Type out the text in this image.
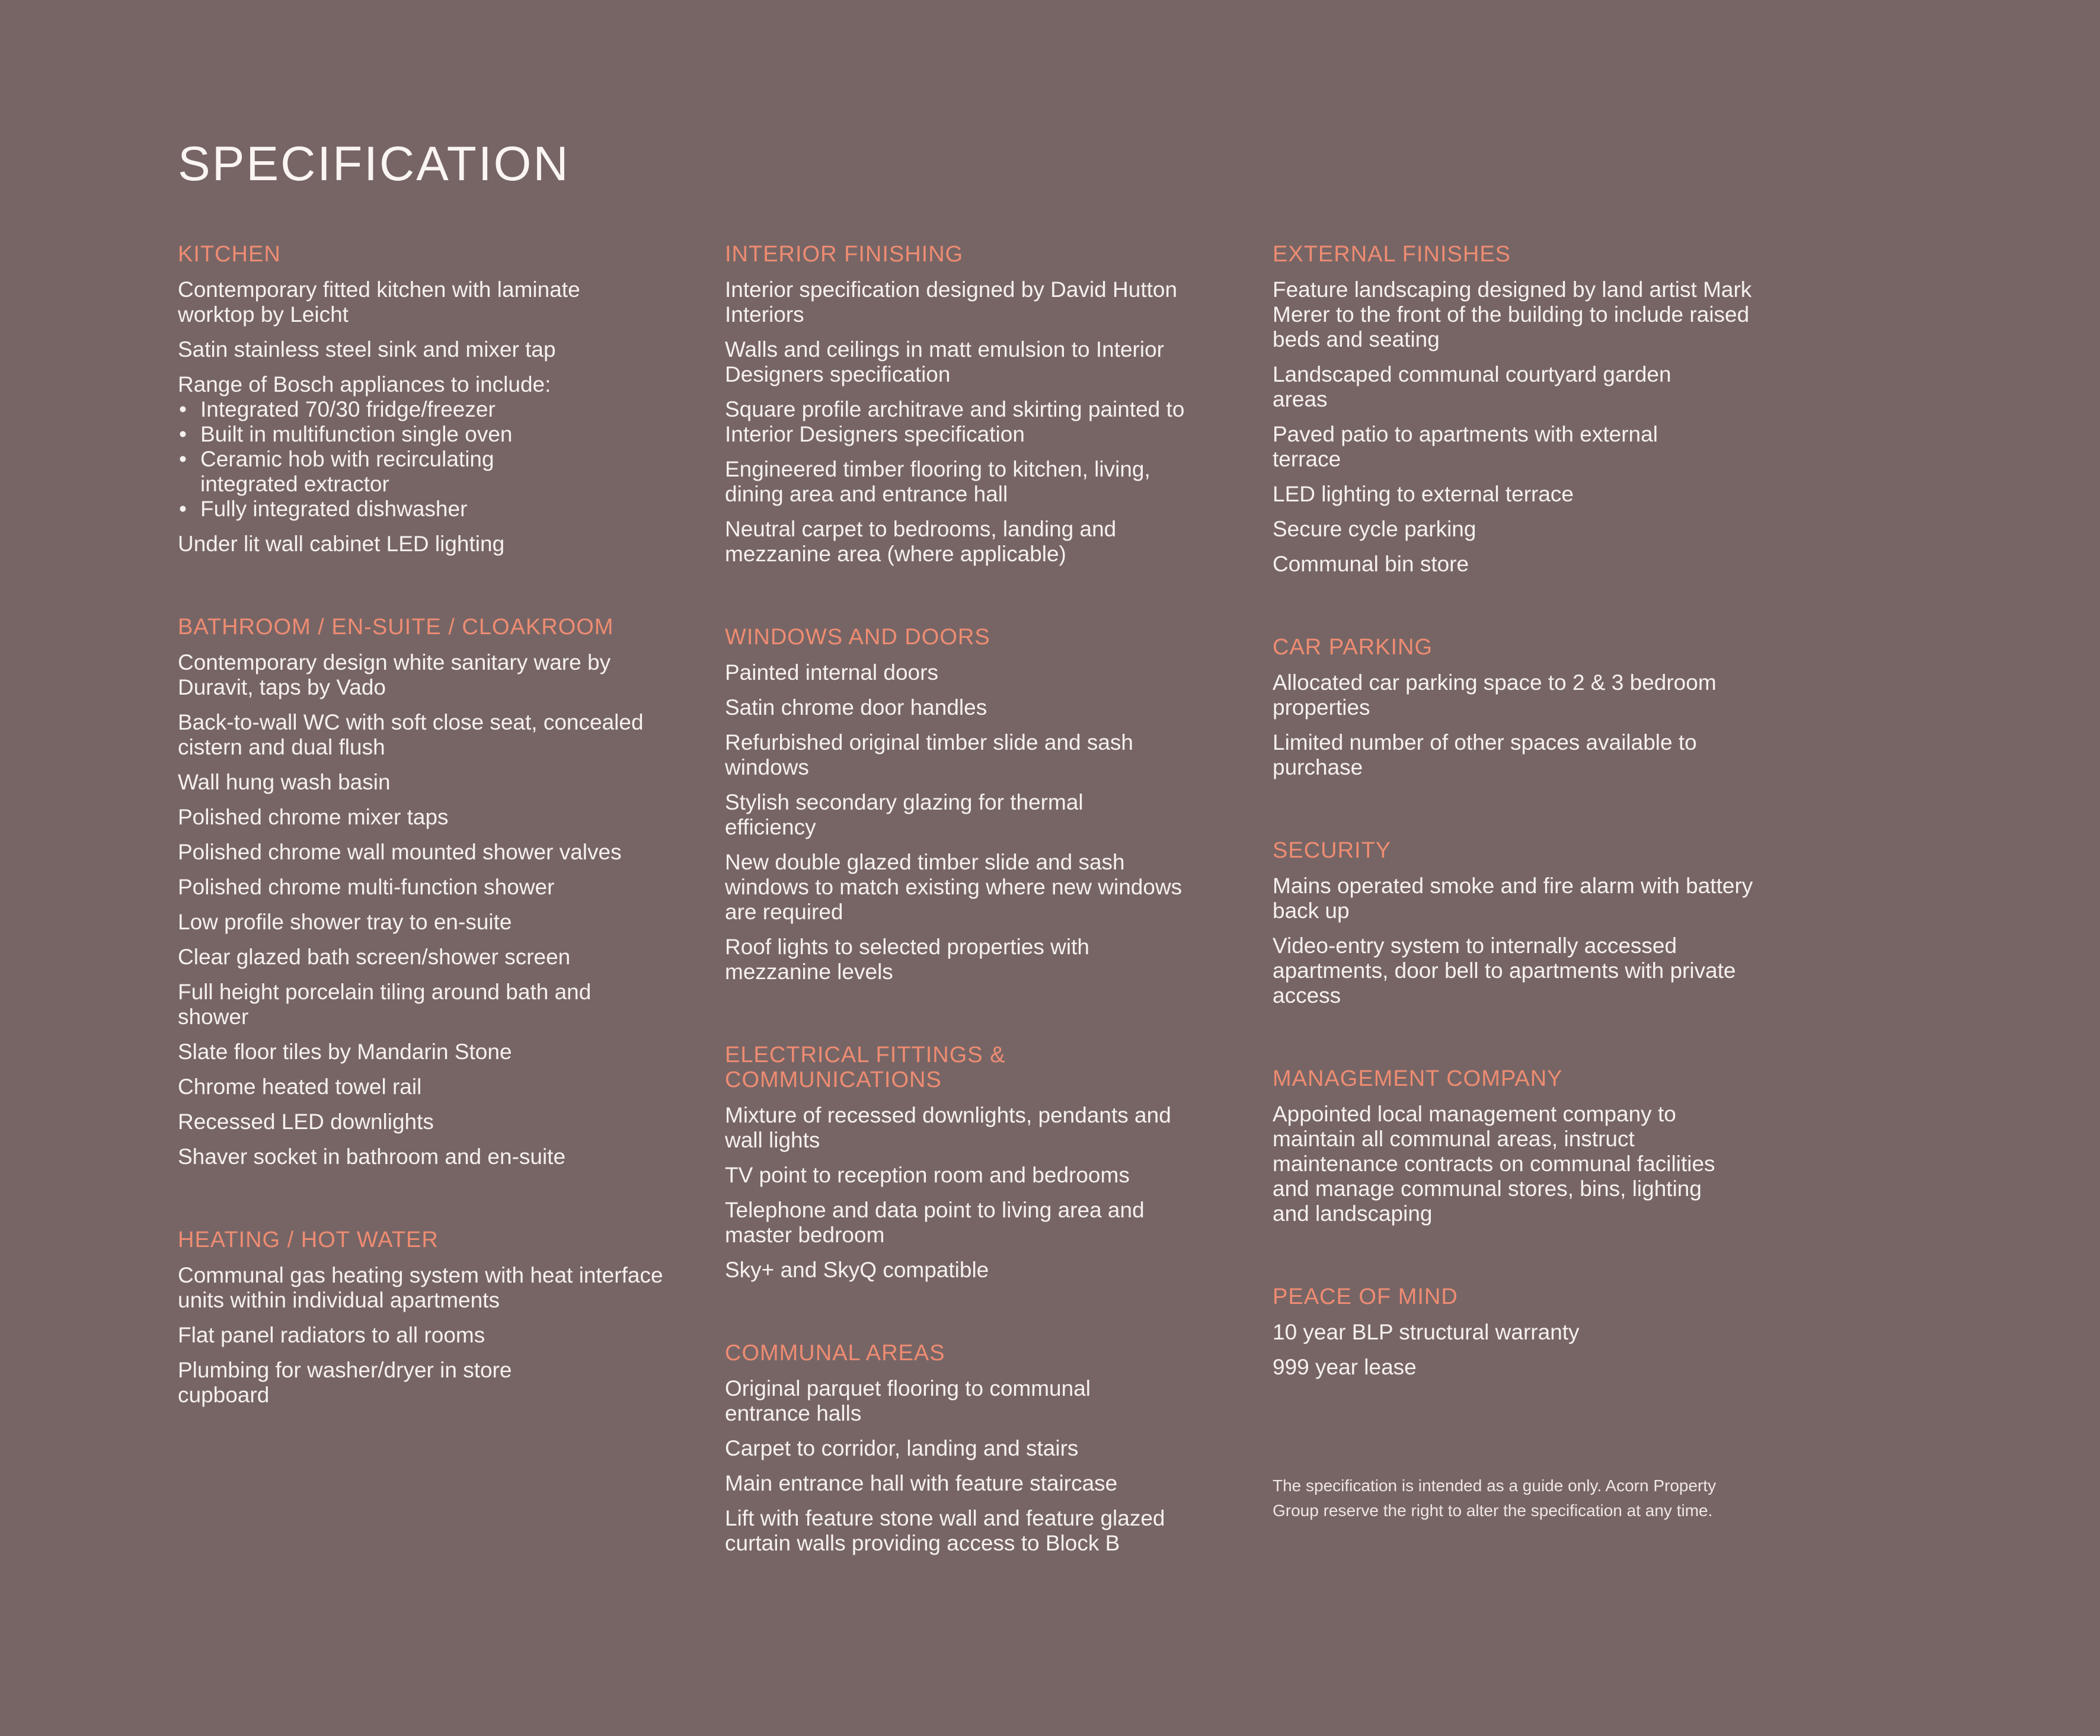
SPECIFICATION
KITCHEN
Contemporary fitted kitchen with laminate worktop by Leicht
Satin stainless steel sink and mixer tap
Range of Bosch appliances to include:
• Integrated 70/30 fridge/freezer
• Built in multifunction single oven
• Ceramic hob with recirculating integrated extractor
• Fully integrated dishwasher
Under lit wall cabinet LED lighting
BATHROOM / EN-SUITE / CLOAKROOM
Contemporary design white sanitary ware by Duravit, taps by Vado
Back-to-wall WC with soft close seat, concealed cistern and dual flush
Wall hung wash basin
Polished chrome mixer taps
Polished chrome wall mounted shower valves
Polished chrome multi-function shower
Low profile shower tray to en-suite
Clear glazed bath screen/shower screen
Full height porcelain tiling around bath and shower
Slate floor tiles by Mandarin Stone
Chrome heated towel rail
Recessed LED downlights
Shaver socket in bathroom and en-suite
HEATING / HOT WATER
Communal gas heating system with heat interface units within individual apartments
Flat panel radiators to all rooms
Plumbing for washer/dryer in store cupboard
INTERIOR FINISHING
Interior specification designed by David Hutton Interiors
Walls and ceilings in matt emulsion to Interior Designers specification
Square profile architrave and skirting painted to Interior Designers specification
Engineered timber flooring to kitchen, living, dining area and entrance hall
Neutral carpet to bedrooms, landing and mezzanine area (where applicable)
WINDOWS AND DOORS
Painted internal doors
Satin chrome door handles
Refurbished original timber slide and sash windows
Stylish secondary glazing for thermal efficiency
New double glazed timber slide and sash windows to match existing where new windows are required
Roof lights to selected properties with mezzanine levels
ELECTRICAL FITTINGS & COMMUNICATIONS
Mixture of recessed downlights, pendants and wall lights
TV point to reception room and bedrooms
Telephone and data point to living area and master bedroom
Sky+ and SkyQ compatible
COMMUNAL AREAS
Original parquet flooring to communal entrance halls
Carpet to corridor, landing and stairs
Main entrance hall with feature staircase
Lift with feature stone wall and feature glazed curtain walls providing access to Block B
EXTERNAL FINISHES
Feature landscaping designed by land artist Mark Merer to the front of the building to include raised beds and seating
Landscaped communal courtyard garden areas
Paved patio to apartments with external terrace
LED lighting to external terrace
Secure cycle parking
Communal bin store
CAR PARKING
Allocated car parking space to 2 & 3 bedroom properties
Limited number of other spaces available to purchase
SECURITY
Mains operated smoke and fire alarm with battery back up
Video-entry system to internally accessed apartments, door bell to apartments with private access
MANAGEMENT COMPANY
Appointed local management company to maintain all communal areas, instruct maintenance contracts on communal facilities and manage communal stores, bins, lighting and landscaping
PEACE OF MIND
10 year BLP structural warranty
999 year lease
The specification is intended as a guide only. Acorn Property Group reserve the right to alter the specification at any time.
